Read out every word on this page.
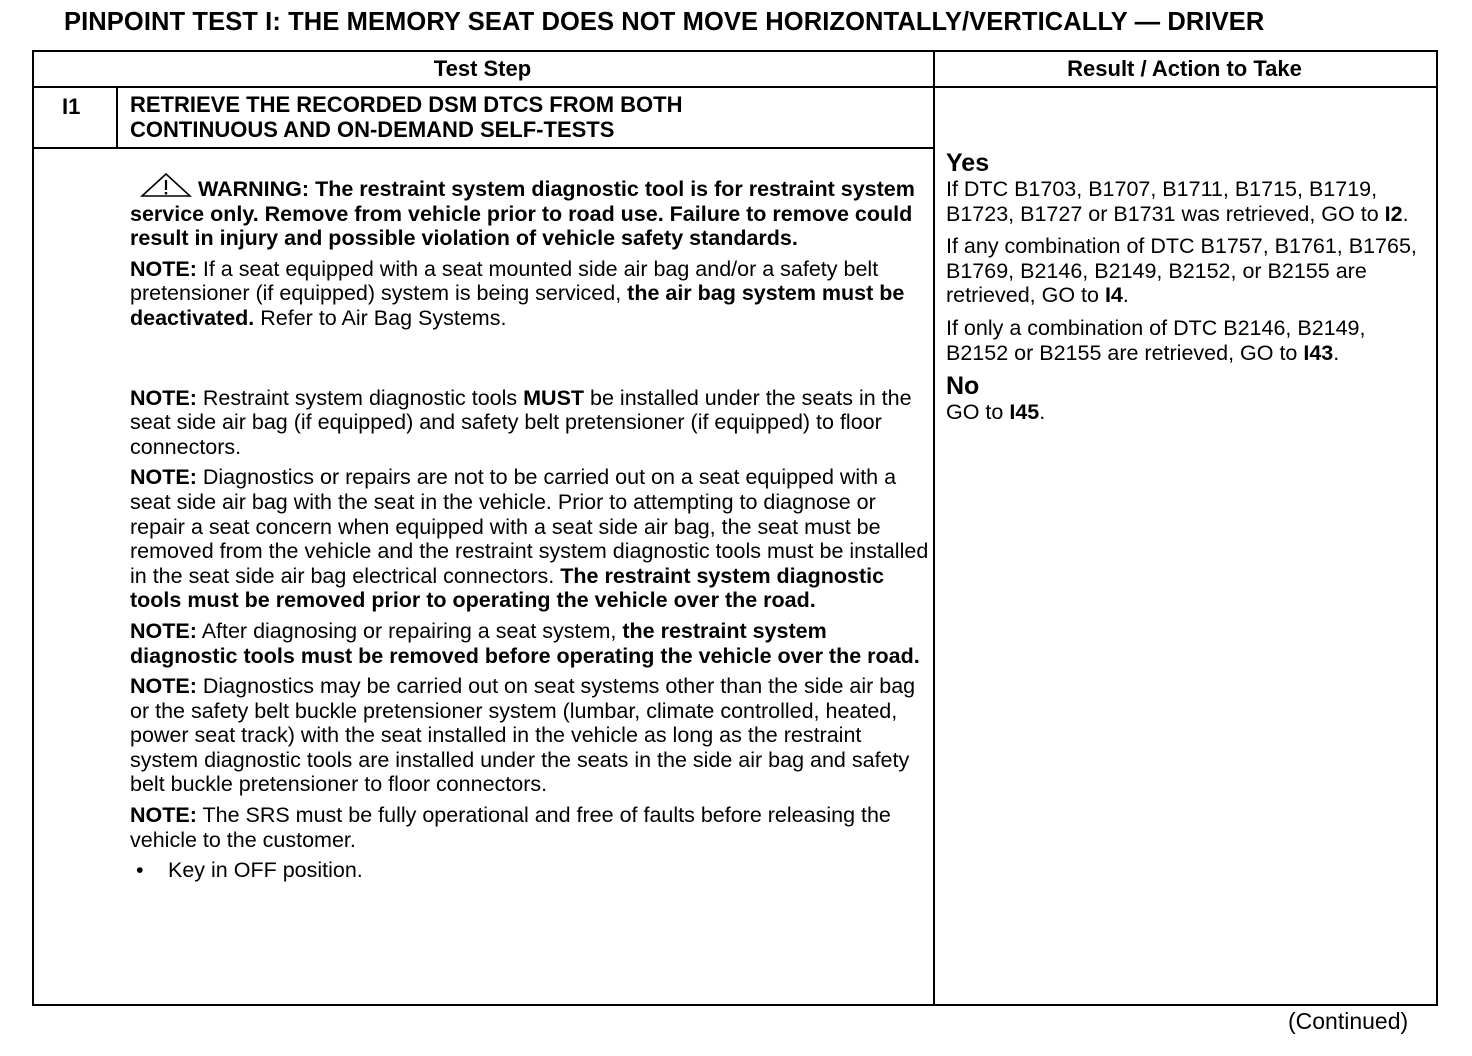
PINPOINT TEST I: THE MEMORY SEAT DOES NOT MOVE HORIZONTALLY/VERTICALLY — DRIVER
Test Step	Result / Action to Take
I1 RETRIEVE THE RECORDED DSM DTCS FROM BOTH
CONTINUOUS AND ON-DEMAND SELF-TESTS

WARNING: The restraint system diagnostic tool is for restraint system service only. Remove from vehicle prior to road use. Failure to remove could result in injury and possible violation of vehicle safety standards.

NOTE: If a seat equipped with a seat mounted side air bag and/or a safety belt pretensioner (if equipped) system is being serviced, the air bag system must be deactivated. Refer to Air Bag Systems.

NOTE: Restraint system diagnostic tools MUST be installed under the seats in the seat side air bag (if equipped) and safety belt pretensioner (if equipped) to floor connectors.

NOTE: Diagnostics or repairs are not to be carried out on a seat equipped with a seat side air bag with the seat in the vehicle. Prior to attempting to diagnose or repair a seat concern when equipped with a seat side air bag, the seat must be removed from the vehicle and the restraint system diagnostic tools must be installed in the seat side air bag electrical connectors. The restraint system diagnostic tools must be removed prior to operating the vehicle over the road.

NOTE: After diagnosing or repairing a seat system, the restraint system diagnostic tools must be removed before operating the vehicle over the road.

NOTE: Diagnostics may be carried out on seat systems other than the side air bag or the safety belt buckle pretensioner system (lumbar, climate controlled, heated, power seat track) with the seat installed in the vehicle as long as the restraint system diagnostic tools are installed under the seats in the side air bag and safety belt buckle pretensioner to floor connectors.

NOTE: The SRS must be fully operational and free of faults before releasing the vehicle to the customer.

•	Key in OFF position.
Yes

If DTC B1703, B1707, B1711, B1715, B1719, B1723, B1727 or B1731 was retrieved, GO to I2.

If any combination of DTC B1757, B1761, B1765, B1769, B2146, B2149, B2152, or B2155 are retrieved, GO to I4.

If only a combination of DTC B2146, B2149, B2152 or B2155 are retrieved, GO to I43.

No

GO to I45.

(Continued)
